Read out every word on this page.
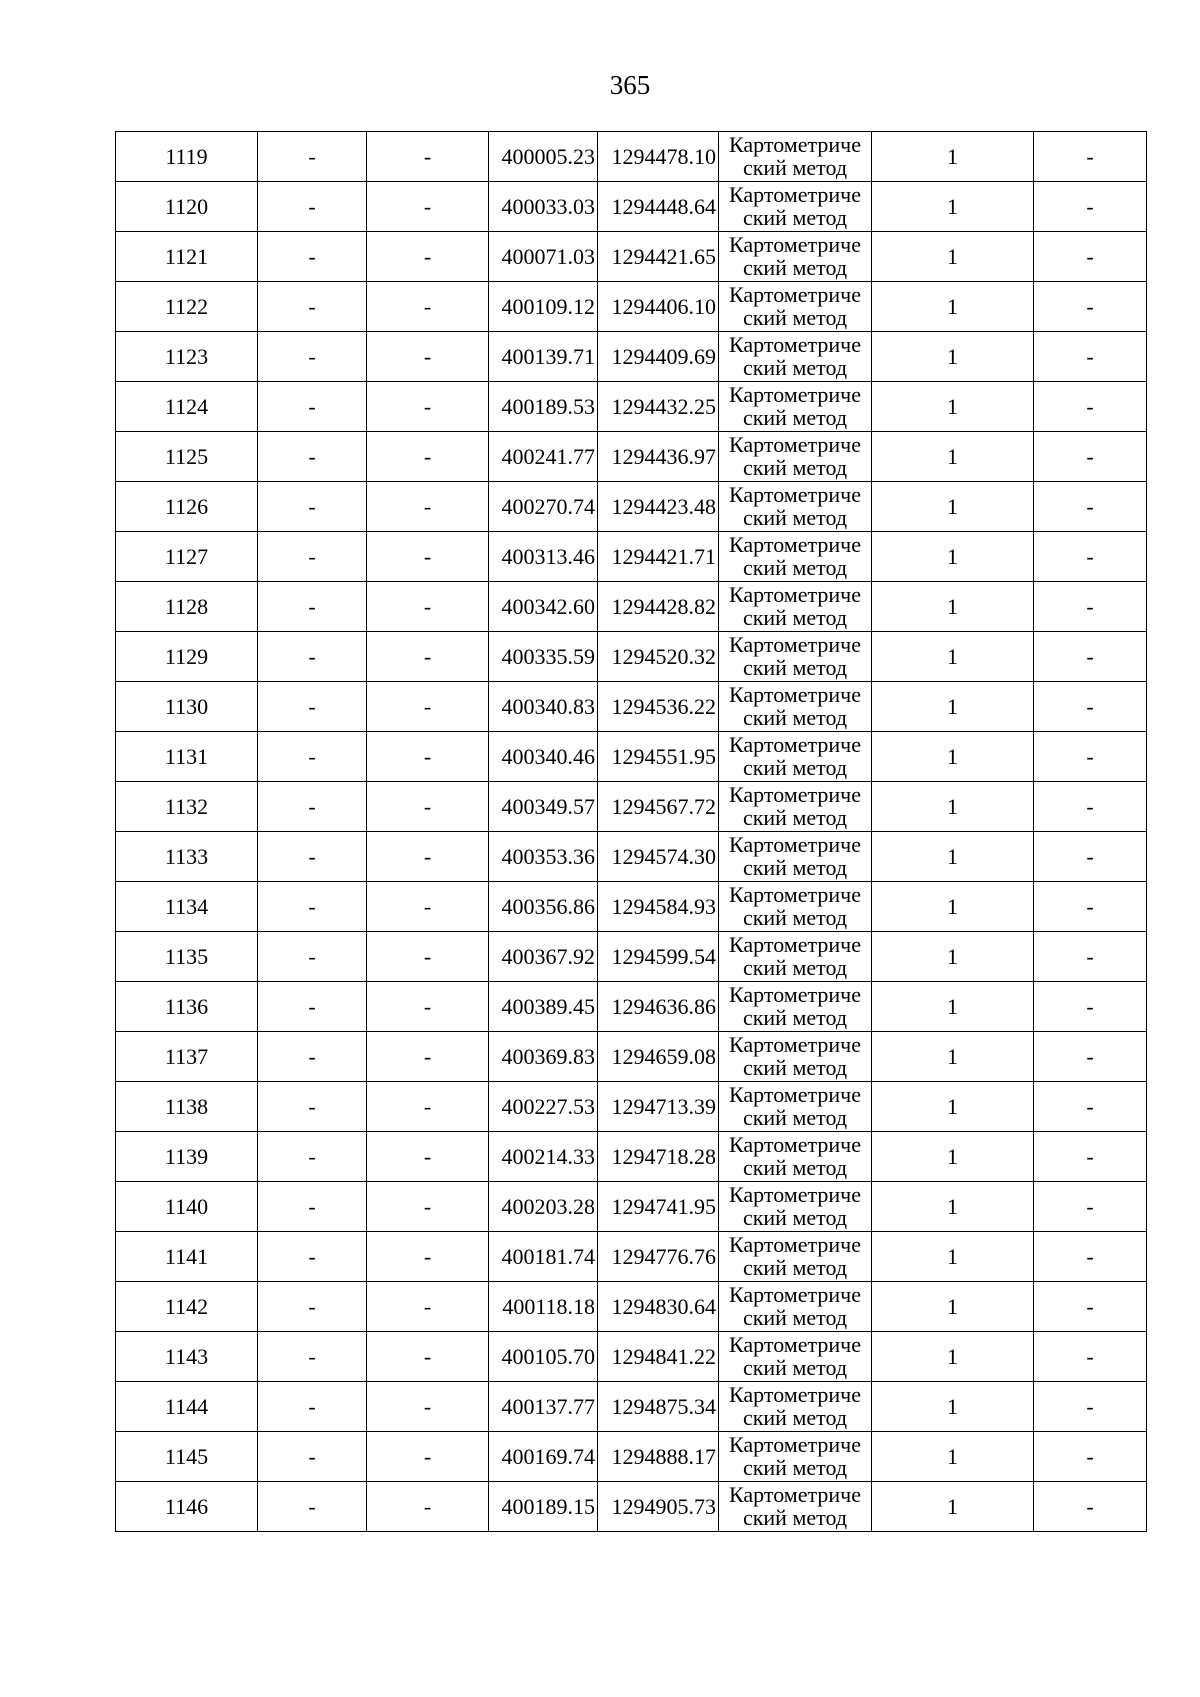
365
1119	-	-	400005.23	1294478.10	Картометриче
ский метод	1	-
1120	-	-	400033.03	1294448.64	Картометриче
ский метод	1	-
1121	-	-	400071.03	1294421.65	Картометриче
ский метод	1	-
1122	-	-	400109.12	1294406.10	Картометриче
ский метод	1	-
1123	-	-	400139.71	1294409.69	Картометриче
ский метод	1	-
1124	-	-	400189.53	1294432.25	Картометриче
ский метод	1	-
1125	-	-	400241.77	1294436.97	Картометриче
ский метод	1	-
1126	-	-	400270.74	1294423.48	Картометриче
ский метод	1	-
1127	-	-	400313.46	1294421.71	Картометриче
ский метод	1	-
1128	-	-	400342.60	1294428.82	Картометриче
ский метод	1	-
1129	-	-	400335.59	1294520.32	Картометриче
ский метод	1	-
1130	-	-	400340.83	1294536.22	Картометриче
ский метод	1	-
1131	-	-	400340.46	1294551.95	Картометриче
ский метод	1	-
1132	-	-	400349.57	1294567.72	Картометриче
ский метод	1	-
1133	-	-	400353.36	1294574.30	Картометриче
ский метод	1	-
1134	-	-	400356.86	1294584.93	Картометриче
ский метод	1	-
1135	-	-	400367.92	1294599.54	Картометриче
ский метод	1	-
1136	-	-	400389.45	1294636.86	Картометриче
ский метод	1	-
1137	-	-	400369.83	1294659.08	Картометриче
ский метод	1	-
1138	-	-	400227.53	1294713.39	Картометриче
ский метод	1	-
1139	-	-	400214.33	1294718.28	Картометриче
ский метод	1	-
1140	-	-	400203.28	1294741.95	Картометриче
ский метод	1	-
1141	-	-	400181.74	1294776.76	Картометриче
ский метод	1	-
1142	-	-	400118.18	1294830.64	Картометриче
ский метод	1	-
1143	-	-	400105.70	1294841.22	Картометриче
ский метод	1	-
1144	-	-	400137.77	1294875.34	Картометриче
ский метод	1	-
1145	-	-	400169.74	1294888.17	Картометриче
ский метод	1	-
1146	-	-	400189.15	1294905.73	Картометриче
ский метод	1	-
